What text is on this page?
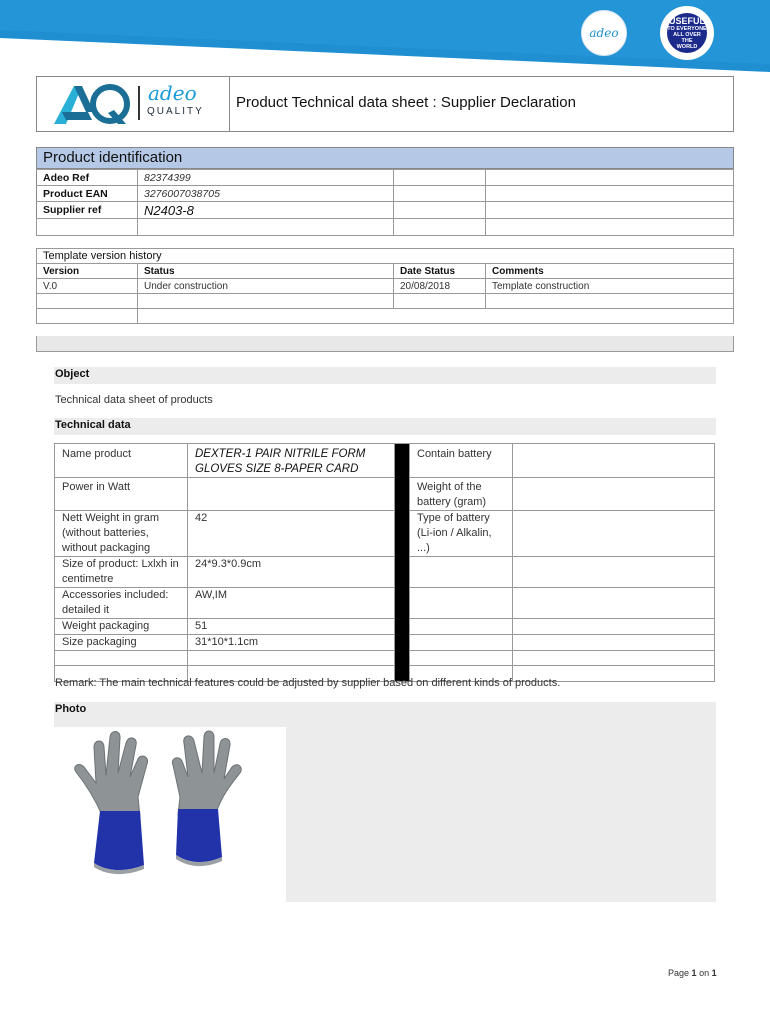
adeo
USEFUL
TO EVERYONE
ALL OVER THE
WORLD
adeo
QUALITY
Product Technical data sheet : Supplier Declaration
Product identification
Adeo Ref	82374399		
Product EAN	3276007038705		
Supplier ref	N2403-8		

Template version history			
Version	Status	Date Status	Comments
V.0	Under construction	20/08/2018	Template construction

Object
Technical data sheet of products
Technical data
Name product	DEXTER-1 PAIR NITRILE FORM GLOVES SIZE 8-PAPER CARD		Contain battery	
Power in Watt			Weight of the battery (gram)	
Nett Weight in gram (without batteries, without packaging	42		Type of battery (Li-ion / Alkalin, ...)	
Size of product: Lxlxh in centimetre	24*9.3*0.9cm			
Accessories included: detailed it	AW,IM			
Weight packaging	51			
Size packaging	31*10*1.1cm			

Remark: The main technical features could be adjusted by supplier based on different kinds of products.
Photo
Page 1 on 1
